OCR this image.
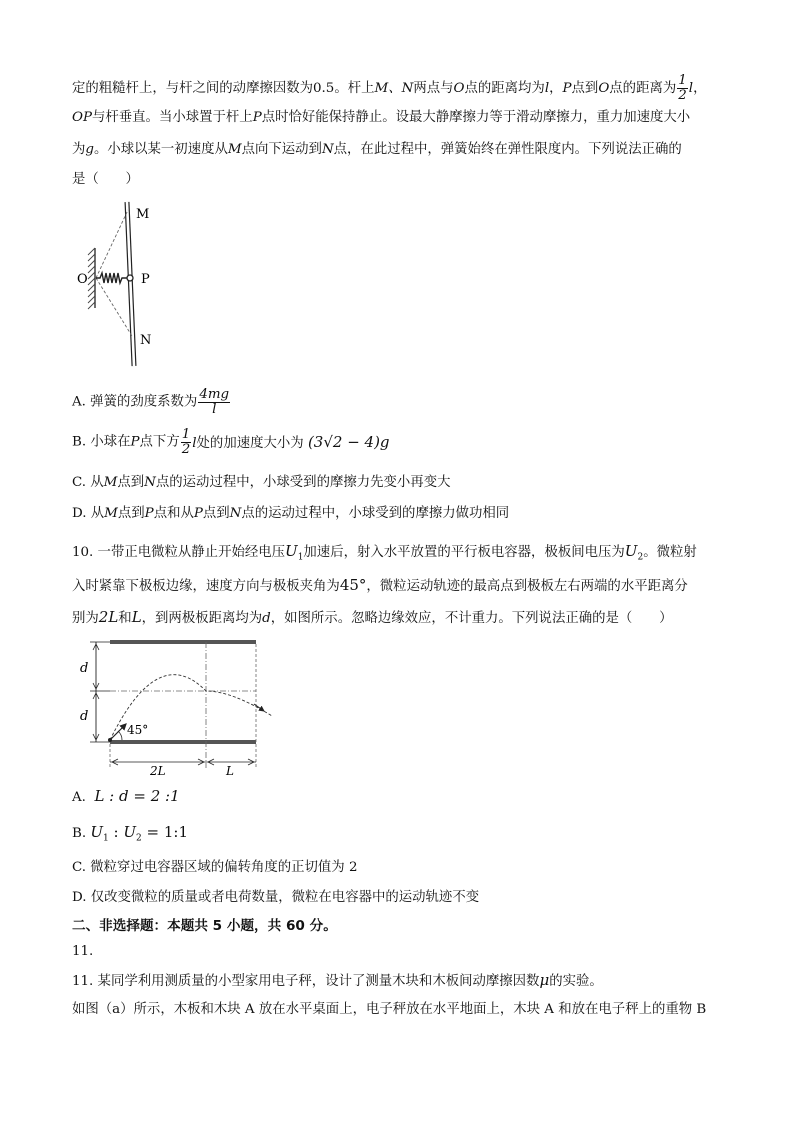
定的粗糙杆上，与杆之间的动摩擦因数为0.5。杆上M、N两点与O点的距离均为l，P点到O点的距离为 $\frac{1}{2}$ l，
OP与杆垂直。当小球置于杆上P点时恰好能保持静止。设最大静摩擦力等于滑动摩擦力，重力加速度大小
为g。小球以某一初速度从M点向下运动到N点，在此过程中，弹簧始终在弹性限度内。下列说法正确的
是（　　）
M
O	P
N
A. 弹簧的劲度系数为 $\frac{4mg}{l}$
B. 小球在P点下方 $\frac{1}{2}$ l处的加速度大小为 (3√2 − 4)g
C. 从M点到N点的运动过程中，小球受到的摩擦力先变小再变大
D. 从M点到P点和从P点到N点的运动过程中，小球受到的摩擦力做功相同
10. 一带正电微粒从静止开始经电压$U_1$加速后，射入水平放置的平行板电容器，极板间电压为$U_2$。微粒射
入时紧靠下极板边缘，速度方向与极板夹角为45°，微粒运动轨迹的最高点到极板左右两端的水平距离分
别为2L和L，到两极板距离均为d，如图所示。忽略边缘效应，不计重力。下列说法正确的是（　　）
d
d
45°
2L	L
A. L : d = 2 :1
B. $U_1$ : $U_2$ = 1:1
C. 微粒穿过电容器区域的偏转角度的正切值为 2
D. 仅改变微粒的质量或者电荷数量，微粒在电容器中的运动轨迹不变
二、非选择题：本题共 5 小题，共 60 分。
11.
11. 某同学利用测质量的小型家用电子秤，设计了测量木块和木板间动摩擦因数μ的实验。
如图（a）所示，木板和木块 A 放在水平桌面上，电子秤放在水平地面上，木块 A 和放在电子秤上的重物 B
